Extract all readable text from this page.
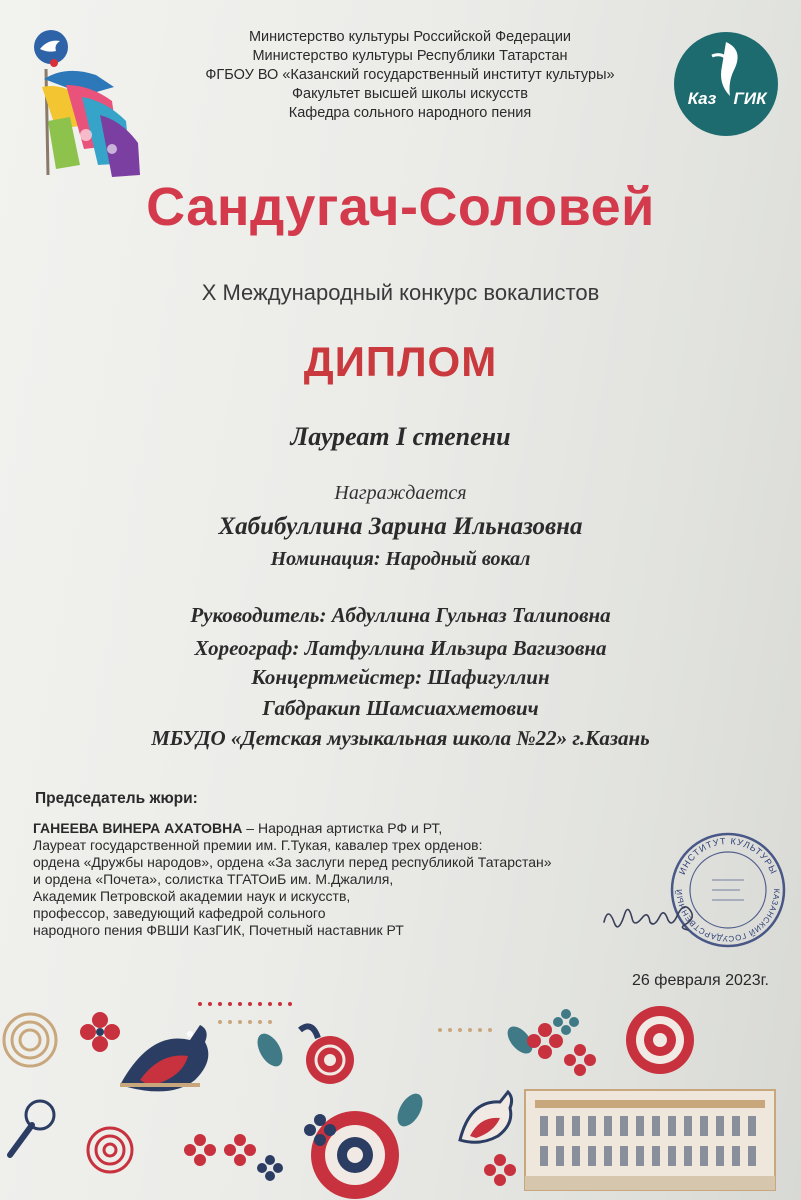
Министерство культуры Российской Федерации
Министерство культуры Республики Татарстан
ФГБОУ ВО «Казанский государственный институт культуры»
Факультет высшей школы искусств
Кафедра сольного народного пения
Каз ГИК
Сандугач-Соловей
X Международный конкурс вокалистов
ДИПЛОМ
Лауреат I степени
Награждается
Хабибуллина Зарина Ильназовна
Номинация: Народный вокал
Руководитель: Абдуллина Гульназ Талиповна
Хореограф: Латфуллина Ильзира Вагизовна
Концертмейстер: Шафигуллин
Габдракип Шамсиахметович
МБУДО «Детская музыкальная школа №22» г.Казань
Председатель жюри:
ГАНЕЕВА ВИНЕРА АХАТОВНА – Народная артистка РФ и РТ,
Лауреат государственной премии им. Г.Тукая, кавалер трех орденов:
ордена «Дружбы народов», ордена «За заслуги перед республикой Татарстан»
и ордена «Почета», солистка ТГАТОиБ им. М.Джалиля,
Академик Петровской академии наук и искусств,
профессор, заведующий кафедрой сольного
народного пения ФВШИ КазГИК, Почетный наставник РТ
ИНСТИТУТ КУЛЬТУРЫ
КАЗАНСКИЙ ГОСУДАРСТВЕННЫЙ
26 февраля 2023г.
